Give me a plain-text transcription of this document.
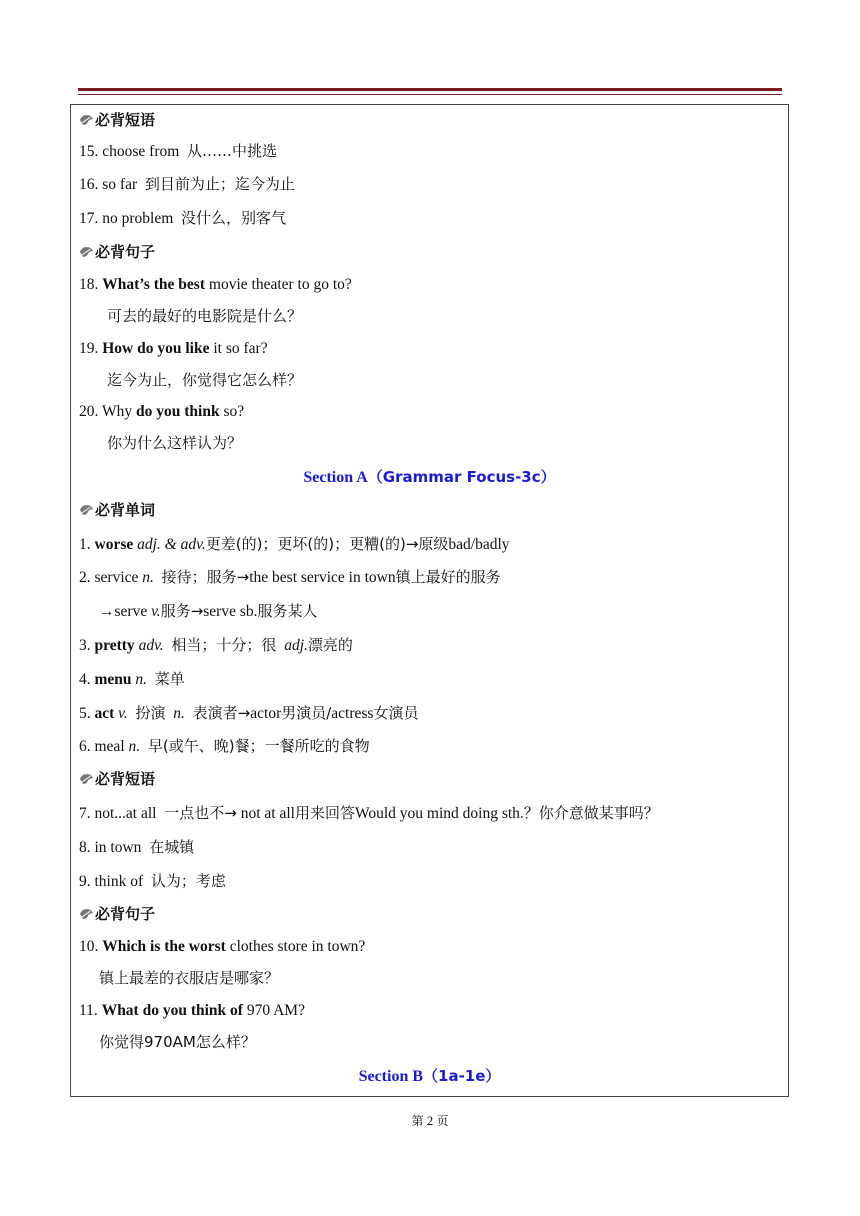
必背短语
15. choose from 从……中挑选
16. so far 到目前为止；迄今为止
17. no problem 没什么，别客气
必背句子
18. What’s the best movie theater to go to?
可去的最好的电影院是什么？
19. How do you like it so far?
迄今为止，你觉得它怎么样？
20. Why do you think so?
你为什么这样认为？
Section A（Grammar Focus-3c）
必背单词
1. worse adj. & adv.更差(的)；更坏(的)；更糟(的)→原级bad/badly
2. service n. 接待；服务→the best service in town镇上最好的服务
→serve v.服务→serve sb.服务某人
3. pretty adv. 相当；十分；很 adj.漂亮的
4. menu n. 菜单
5. act v. 扮演 n. 表演者→actor男演员/actress女演员
6. meal n. 早(或午、晚)餐；一餐所吃的食物
必背短语
7. not...at all 一点也不→ not at all用来回答Would you mind doing sth.？你介意做某事吗？
8. in town 在城镇
9. think of 认为；考虑
必背句子
10. Which is the worst clothes store in town?
镇上最差的衣服店是哪家？
11. What do you think of 970 AM?
你觉得970AM怎么样？
Section B（1a-1e）
第 2 页
